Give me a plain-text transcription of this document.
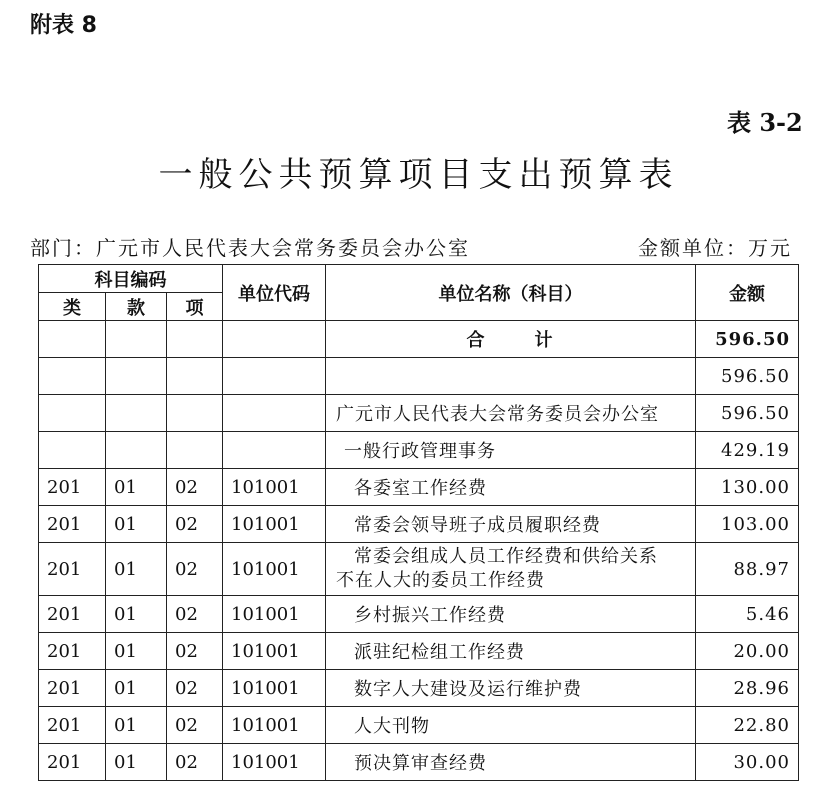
附表 8
表 3-2
一般公共预算项目支出预算表
部门：广元市人民代表大会常务委员会办公室	金额单位：万元
科目编码			单位代码	单位名称（科目）	金额
类	款	项			
				合 计	596.50
					596.50
				广元市人民代表大会常务委员会办公室	596.50
				一般行政管理事务	429.19
201	01	02	101001	各委室工作经费	130.00
201	01	02	101001	常委会领导班子成员履职经费	103.00
201	01	02	101001	常委会组成人员工作经费和供给关系
不在人大的委员工作经费	88.97
201	01	02	101001	乡村振兴工作经费	5.46
201	01	02	101001	派驻纪检组工作经费	20.00
201	01	02	101001	数字人大建设及运行维护费	28.96
201	01	02	101001	人大刊物	22.80
201	01	02	101001	预决算审查经费	30.00
